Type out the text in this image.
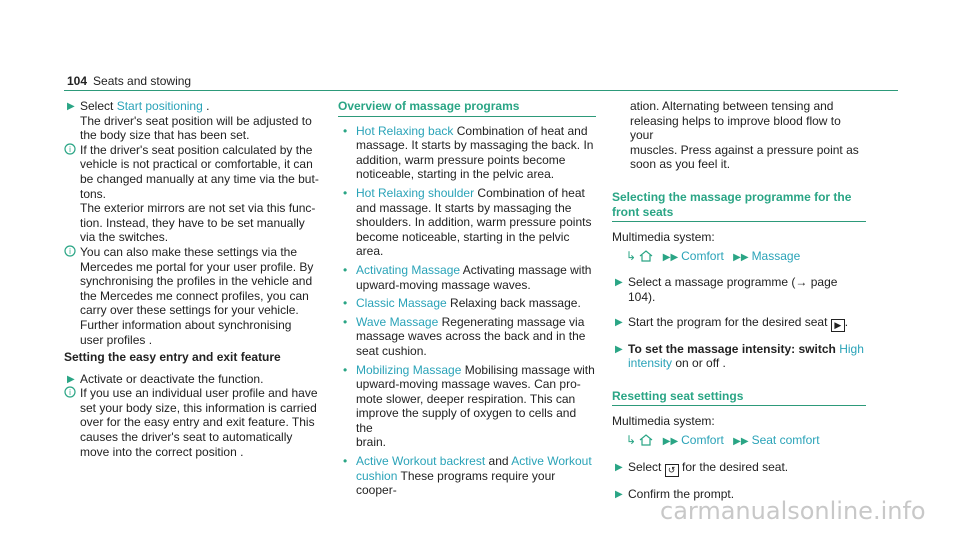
104 Seats and stowing
▶ Select Start positioning .
The driver's seat position will be adjusted to
the body size that has been set.
i If the driver's seat position calculated by the
vehicle is not practical or comfortable, it can
be changed manually at any time via the but-
tons.
The exterior mirrors are not set via this func-
tion. Instead, they have to be set manually
via the switches.
i You can also make these settings via the
Mercedes me portal for your user profile. By
synchronising the profiles in the vehicle and
the Mercedes me connect profiles, you can
carry over these settings for your vehicle.
Further information about synchronising
user profiles .
Setting the easy entry and exit feature
▶ Activate or deactivate the function.
i If you use an individual user profile and have
set your body size, this information is carried
over for the easy entry and exit feature. This
causes the driver's seat to automatically
move into the correct position .
Overview of massage programs
• Hot Relaxing back Combination of heat and
massage. It starts by massaging the back. In
addition, warm pressure points become
noticeable, starting in the pelvic area.
• Hot Relaxing shoulder Combination of heat
and massage. It starts by massaging the
shoulders. In addition, warm pressure points
become noticeable, starting in the pelvic
area.
• Activating Massage Activating massage with
upward-moving massage waves.
• Classic Massage Relaxing back massage.
• Wave Massage Regenerating massage via
massage waves across the back and in the
seat cushion.
• Mobilizing Massage Mobilising massage with
upward-moving massage waves. Can pro-
mote slower, deeper respiration. This can
improve the supply of oxygen to cells and the
brain.
• Active Workout backrest and Active Workout
cushion These programs require your cooper-
ation. Alternating between tensing and
releasing helps to improve blood flow to your
muscles. Press against a pressure point as
soon as you feel it.
Selecting the massage programme for the
front seats
Multimedia system:
↳	▶▶ Comfort ▶▶ Massage
▶ Select a massage programme (→ page 104).
▶ Start the program for the desired seat ▶ .
▶ To set the massage intensity: switch High
intensity on or off .
Resetting seat settings
Multimedia system:
↳	▶▶ Comfort ▶▶ Seat comfort
▶ Select ↺ for the desired seat.
▶ Confirm the prompt.
carmanualsonline.info
